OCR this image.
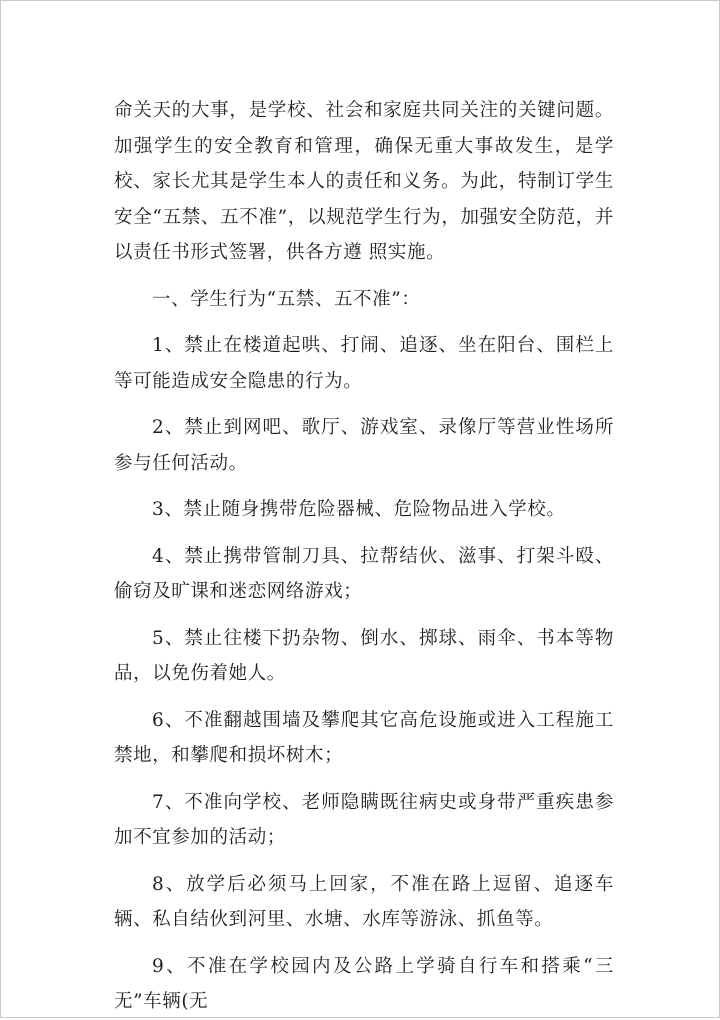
命关天的大事，是学校、社会和家庭共同关注的关键问题。加强学生的安全教育和管理，确保无重大事故发生，是学校、家长尤其是学生本人的责任和义务。为此，特制订学生安全“五禁、五不准”，以规范学生行为，加强安全防范，并以责任书形式签署，供各方遵 照实施。

一、学生行为“五禁、五不准”：

1、禁止在楼道起哄、打闹、追逐、坐在阳台、围栏上 等可能造成安全隐患的行为。

2、禁止到网吧、歌厅、游戏室、录像厅等营业性场所参与任何活动。

3、禁止随身携带危险器械、危险物品进入学校。

4、禁止携带管制刀具、拉帮结伙、滋事、打架斗殴、偷窃及旷课和迷恋网络游戏；

5、禁止往楼下扔杂物、倒水、掷球、雨伞、书本等物品，以免伤着她人。

6、不准翻越围墙及攀爬其它高危设施或进入工程施工禁地，和攀爬和损坏树木；

7、不准向学校、老师隐瞒既往病史或身带严重疾患参加不宜参加的活动；

8、放学后必须马上回家，不准在路上逗留、追逐车辆、私自结伙到河里、水塘、水库等游泳、抓鱼等。

9、不准在学校园内及公路上学骑自行车和搭乘“三无”车辆(无
